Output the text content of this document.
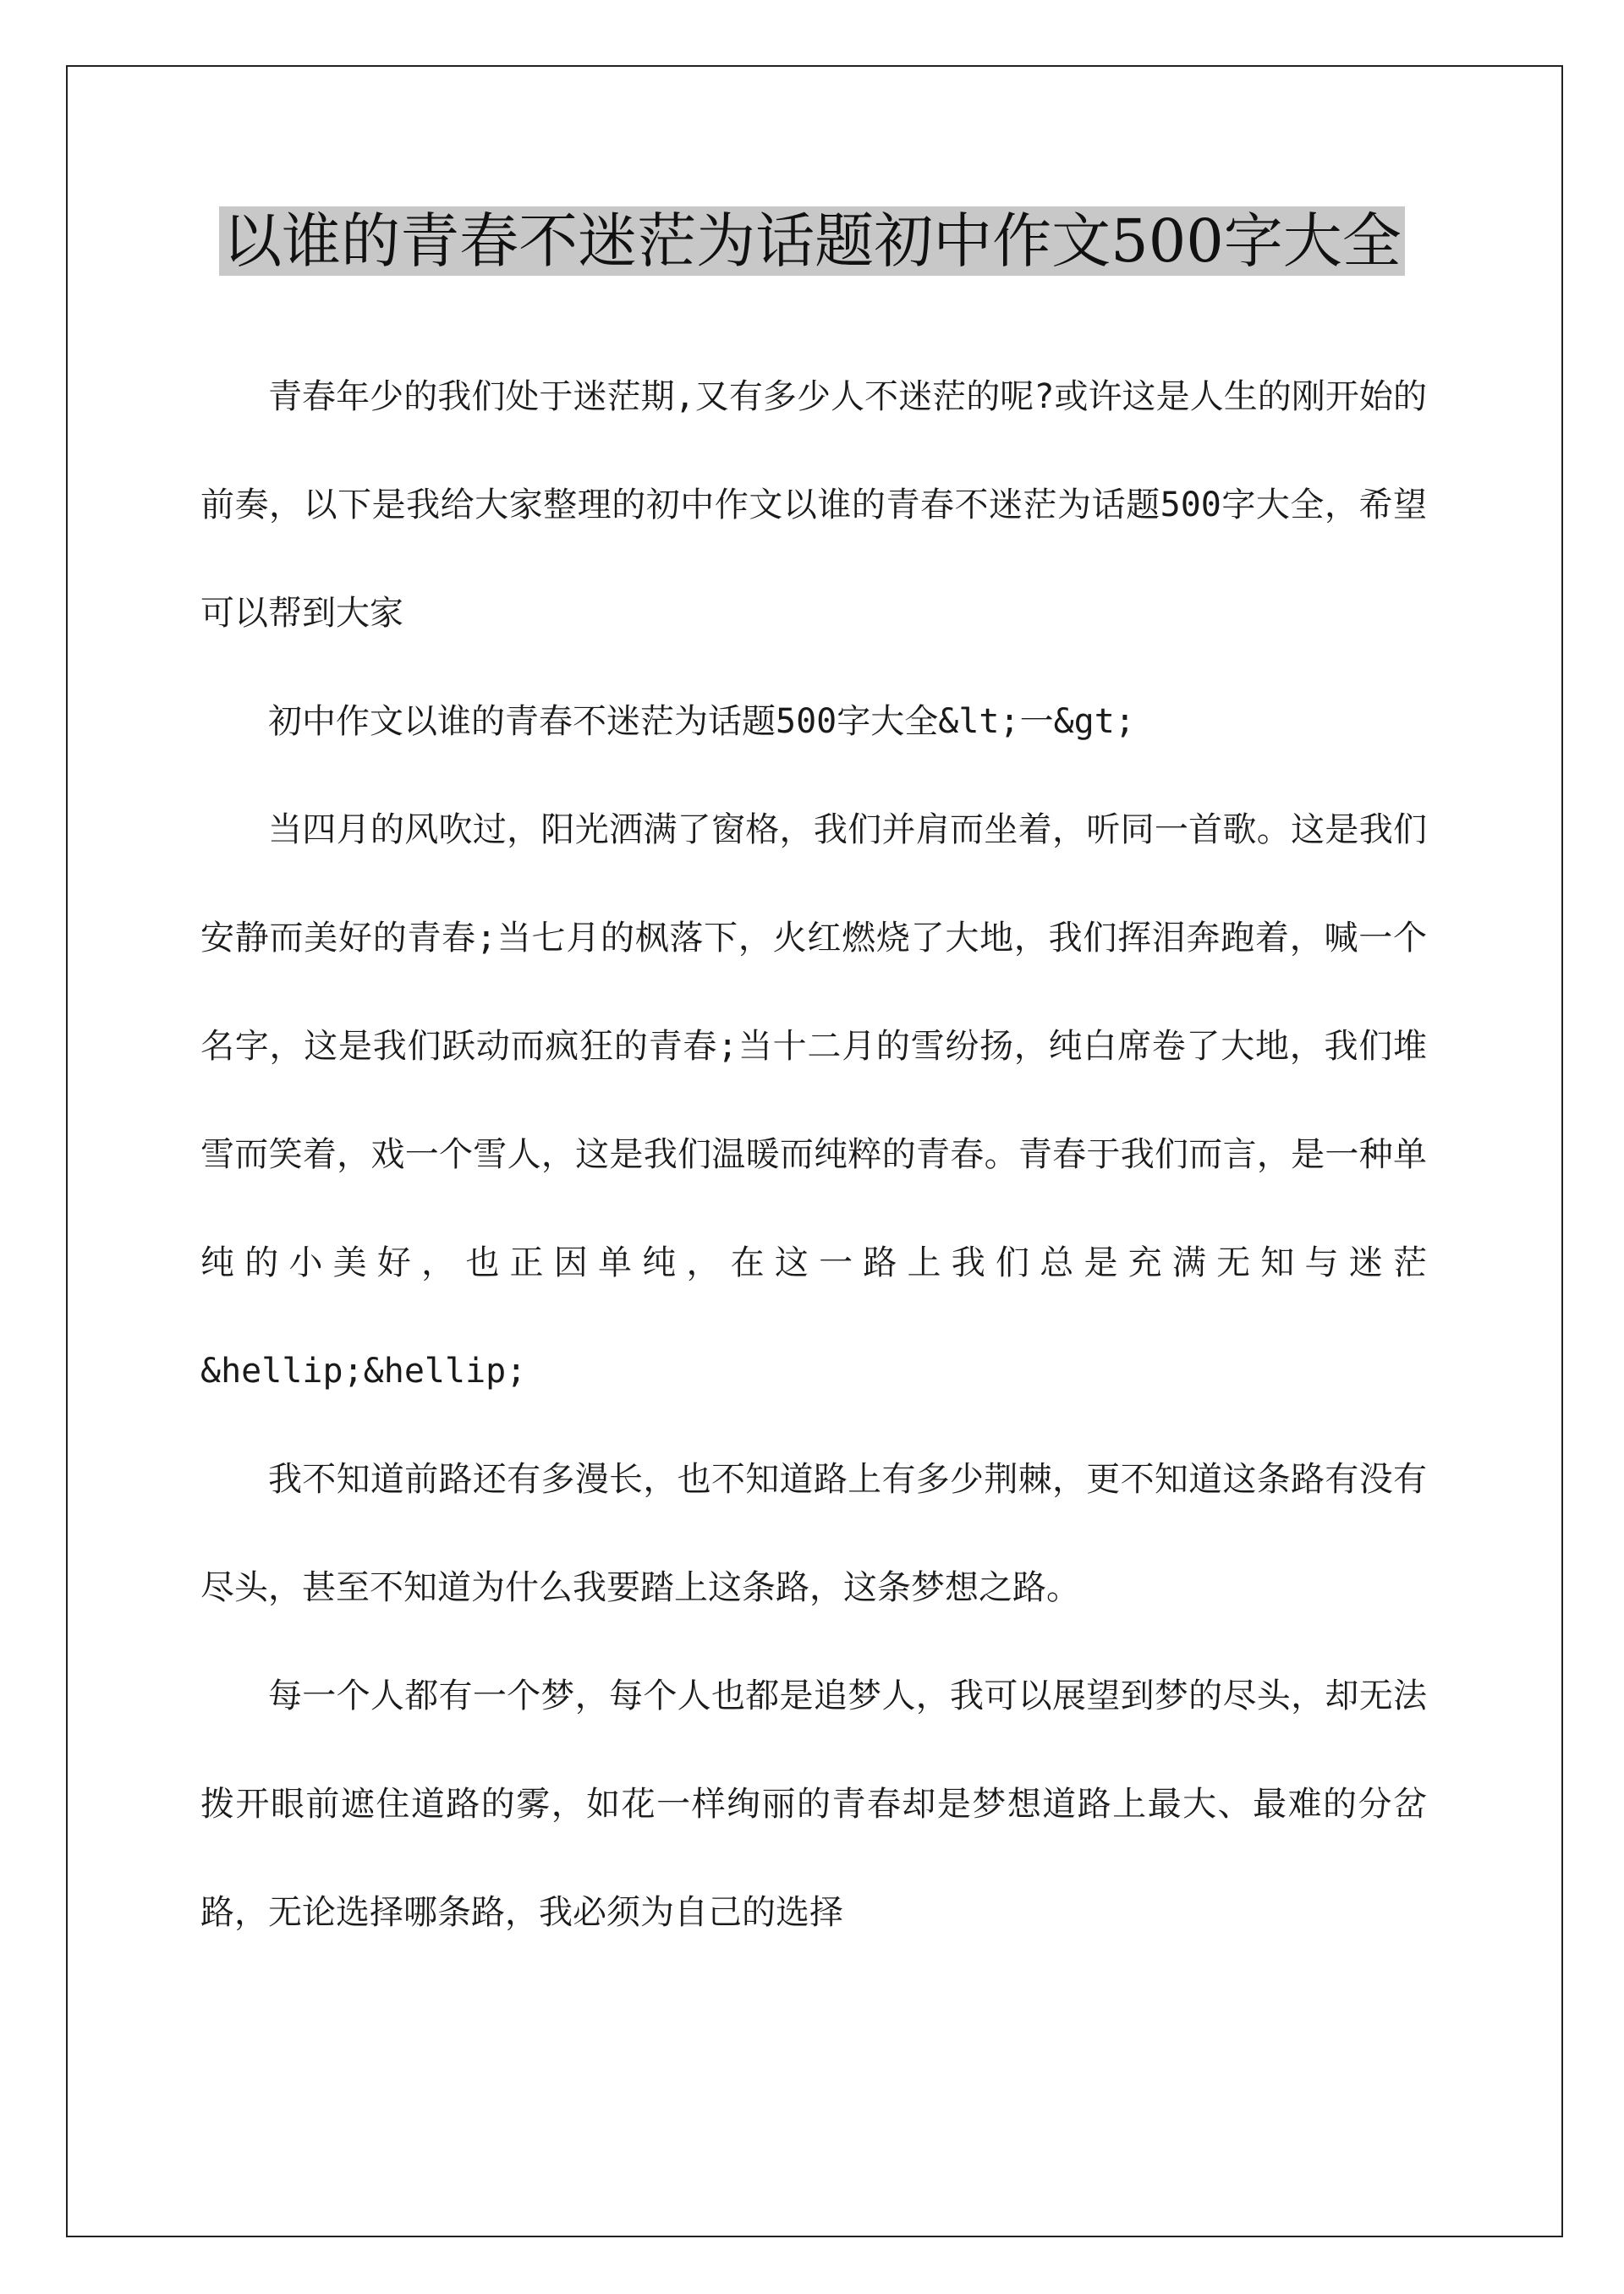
以谁的青春不迷茫为话题初中作文500字大全

青春年少的我们处于迷茫期,又有多少人不迷茫的呢?或许这是人生的刚开始的前奏，以下是我给大家整理的初中作文以谁的青春不迷茫为话题500字大全，希望可以帮到大家

初中作文以谁的青春不迷茫为话题500字大全&lt;一&gt;

当四月的风吹过，阳光洒满了窗格，我们并肩而坐着，听同一首歌。这是我们安静而美好的青春;当七月的枫落下，火红燃烧了大地，我们挥泪奔跑着，喊一个名字，这是我们跃动而疯狂的青春;当十二月的雪纷扬，纯白席卷了大地，我们堆雪而笑着，戏一个雪人，这是我们温暖而纯粹的青春。青春于我们而言，是一种单纯的小美好，也正因单纯，在这一路上我们总是充满无知与迷茫&hellip;&hellip;

我不知道前路还有多漫长，也不知道路上有多少荆棘，更不知道这条路有没有尽头，甚至不知道为什么我要踏上这条路，这条梦想之路。

每一个人都有一个梦，每个人也都是追梦人，我可以展望到梦的尽头，却无法拨开眼前遮住道路的雾，如花一样绚丽的青春却是梦想道路上最大、最难的分岔路，无论选择哪条路，我必须为自己的选择
